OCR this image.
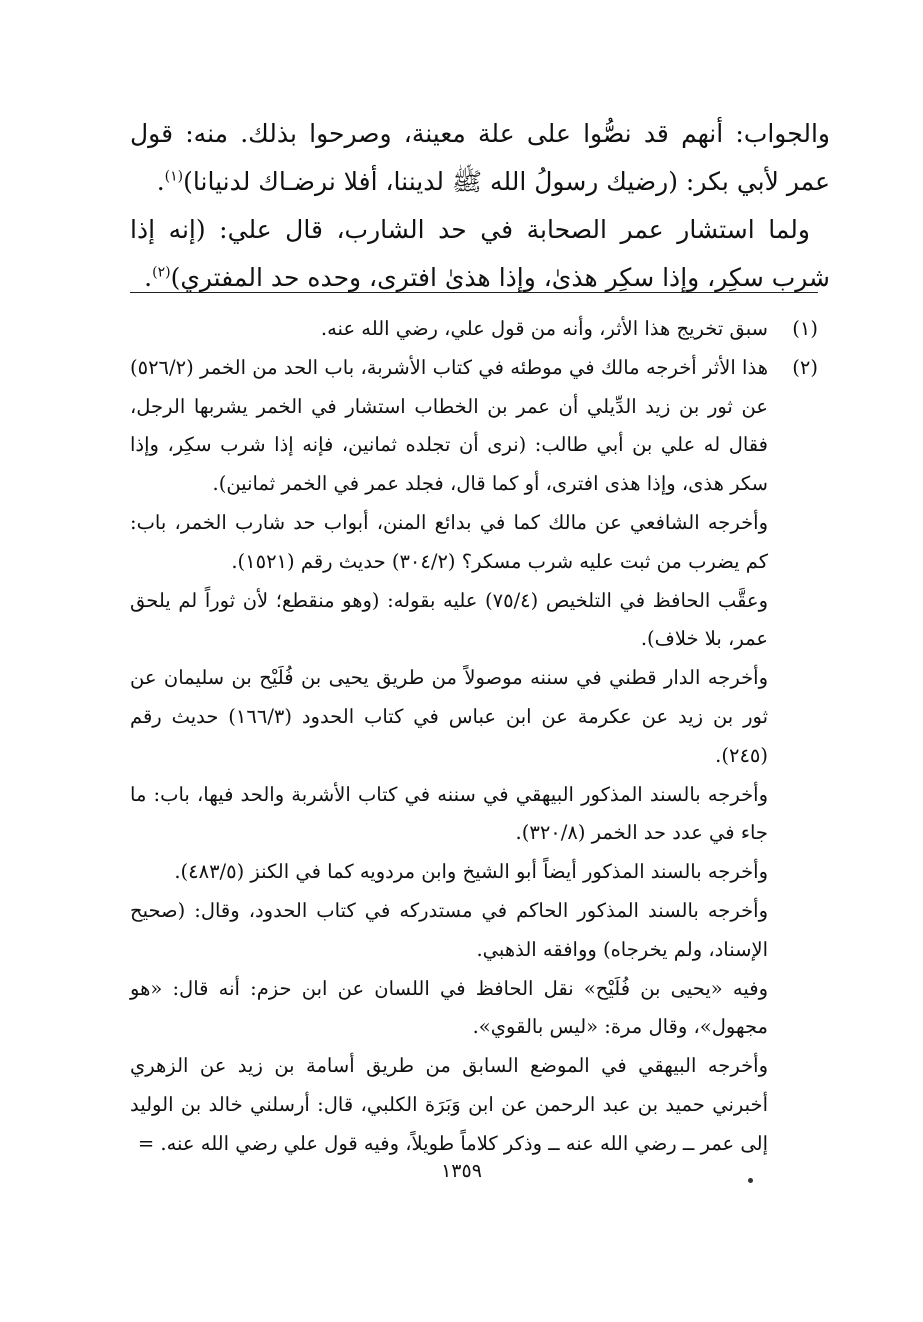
والجواب: أنهم قد نصُّوا على علة معينة، وصرحوا بذلك. منه: قول عمر لأبي بكر: (رضيك رسولُ الله ﷺ لديننا، أفلا نرضـاك لدنيانا)$^{(١)}$.

ولما استشار عمر الصحابة في حد الشارب، قال علي: (إنه إذا شرب سكِر، وإذا سكِر هذىٰ، وإذا هذىٰ افترى، وحده حد المفتري)$^{(٢)}$.

(١)

سبق تخريج هذا الأثر، وأنه من قول علي، رضي الله عنه.

(٢)

هذا الأثر أخرجه مالك في موطئه في كتاب الأشربة، باب الحد من الخمر (٥٢٦/٢) عن ثور بن زيد الدِّيلي أن عمر بن الخطاب استشار في الخمر يشربها الرجل، فقال له علي بن أبي طالب: (نرى أن تجلده ثمانين، فإنه إذا شرب سكِر، وإذا سكر هذى، وإذا هذى افترى، أو كما قال، فجلد عمر في الخمر ثمانين).

وأخرجه الشافعي عن مالك كما في بدائع المنن، أبواب حد شارب الخمر، باب: كم يضرب من ثبت عليه شرب مسكر؟ (٣٠٤/٢) حديث رقم (١٥٢١).

وعقَّب الحافظ في التلخيص (٧٥/٤) عليه بقوله: (وهو منقطع؛ لأن ثوراً لم يلحق عمر، بلا خلاف).

وأخرجه الدار قطني في سننه موصولاً من طريق يحيى بن فُلَيْح بن سليمان عن ثور بن زيد عن عكرمة عن ابن عباس في كتاب الحدود (١٦٦/٣) حديث رقم (٢٤٥).

وأخرجه بالسند المذكور البيهقي في سننه في كتاب الأشربة والحد فيها، باب: ما جاء في عدد حد الخمر (٣٢٠/٨).

وأخرجه بالسند المذكور أيضاً أبو الشيخ وابن مردويه كما في الكنز (٤٨٣/٥).

وأخرجه بالسند المذكور الحاكم في مستدركه في كتاب الحدود، وقال: (صحيح الإسناد، ولم يخرجاه) ووافقه الذهبي.

وفيه «يحيى بن فُلَيْح» نقل الحافظ في اللسان عن ابن حزم: أنه قال: «هو مجهول»، وقال مرة: «ليس بالقوي».

وأخرجه البيهقي في الموضع السابق من طريق أسامة بن زيد عن الزهري أخبرني حميد بن عبد الرحمن عن ابن وَبَرَة الكلبي، قال: أرسلني خالد بن الوليد إلى عمر ــ رضي الله عنه ــ وذكر كلاماً طويلاً، وفيه قول علي رضي الله عنه. =

١٣٥٩
